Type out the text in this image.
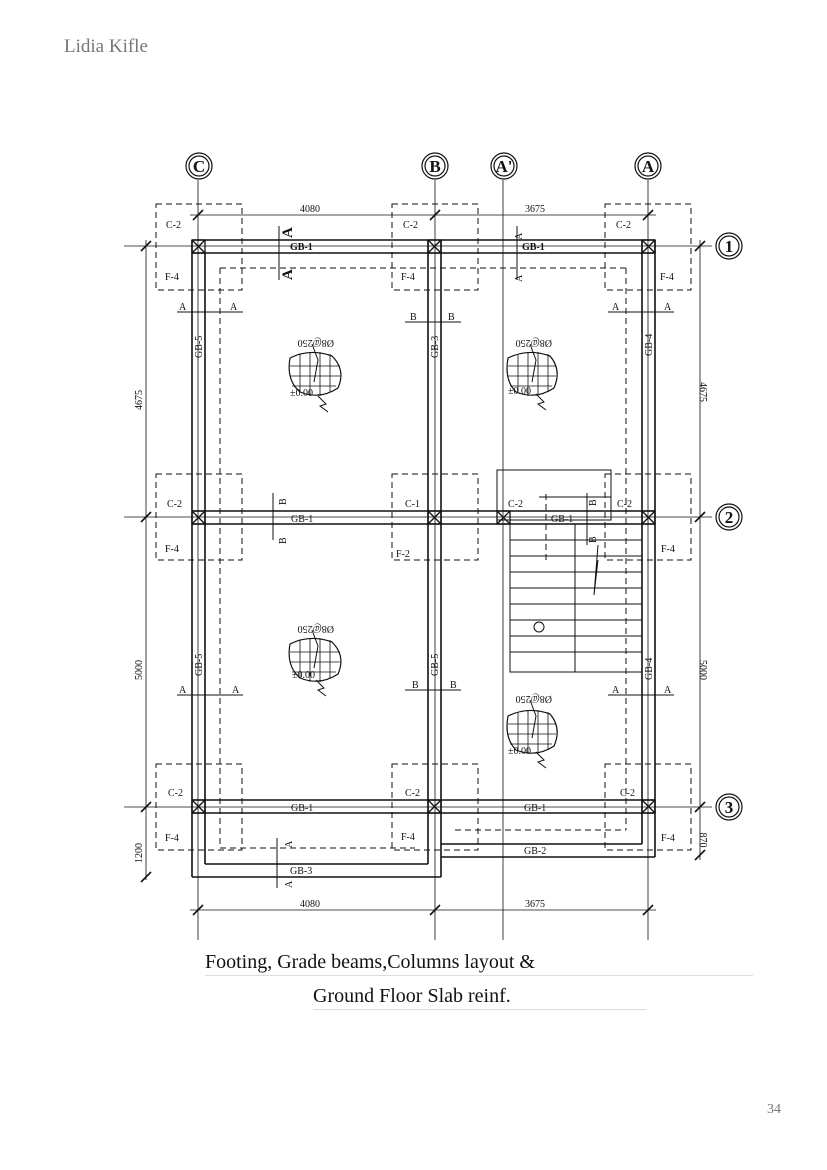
Lidia Kifle
C	B	A'	A
1
2
3
4080	3675
4080	3675
4675
5000
1200
4675
5000
870
C-2	C-2	C-2
C-2	C-1	C-2	C-2
C-2	C-2	C-2
F-4	F-4	F-4
F-4	F-2	F-4
F-4	F-4	F-4
GB-1	GB-1
GB-1	GB-1
GB-1	GB-1
GB-3
GB-2
GB-5
GB-5
GB-3
GB-5
GB-4
GB-4
A	A	A	A
A	A	A	A
B	B
B	B
B
B
B
B
A
A
A
A
A
A
Ø8@250	Ø8@250
Ø8@250
Ø8@250
±0.00	±0.00
±0.00
±0.00
Footing, Grade beams,Columns layout &
Ground Floor Slab reinf.
34
